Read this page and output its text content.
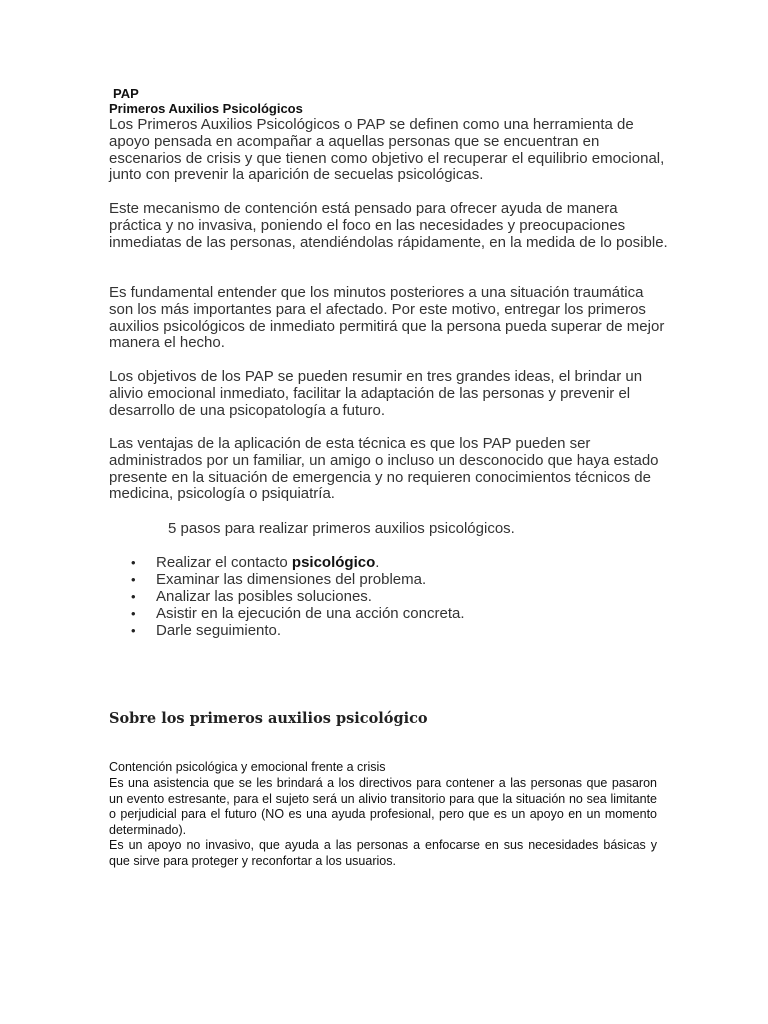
PAP
Primeros Auxilios Psicológicos

Los Primeros Auxilios Psicológicos o PAP se definen como una herramienta de apoyo pensada en acompañar a aquellas personas que se encuentran en escenarios de crisis y que tienen como objetivo el recuperar el equilibrio emocional, junto con prevenir la aparición de secuelas psicológicas.

Este mecanismo de contención está pensado para ofrecer ayuda de manera práctica y no invasiva, poniendo el foco en las necesidades y preocupaciones inmediatas de las personas, atendiéndolas rápidamente, en la medida de lo posible.

Es fundamental entender que los minutos posteriores a una situación traumática son los más importantes para el afectado. Por este motivo, entregar los primeros auxilios psicológicos de inmediato permitirá que la persona pueda superar de mejor manera el hecho.

Los objetivos de los PAP se pueden resumir en tres grandes ideas, el brindar un alivio emocional inmediato, facilitar la adaptación de las personas y prevenir el desarrollo de una psicopatología a futuro.

Las ventajas de la aplicación de esta técnica es que los PAP pueden ser administrados por un familiar, un amigo o incluso un desconocido que haya estado presente en la situación de emergencia y no requieren conocimientos técnicos de medicina, psicología o psiquiatría.

5 pasos para realizar primeros auxilios psicológicos.
• Realizar el contacto psicológico.
• Examinar las dimensiones del problema.
• Analizar las posibles soluciones.
• Asistir en la ejecución de una acción concreta.
• Darle seguimiento.
Sobre los primeros auxilios psicológico
Contención psicológica y emocional frente a crisis

Es una asistencia que se les brindará a los directivos para contener a las personas que pasaron un evento estresante, para el sujeto será un alivio transitorio para que la situación no sea limitante o perjudicial para el futuro (NO es una ayuda profesional, pero que es un apoyo en un momento determinado).
Es un apoyo no invasivo, que ayuda a las personas a enfocarse en sus necesidades básicas y que sirve para proteger y reconfortar a los usuarios.
